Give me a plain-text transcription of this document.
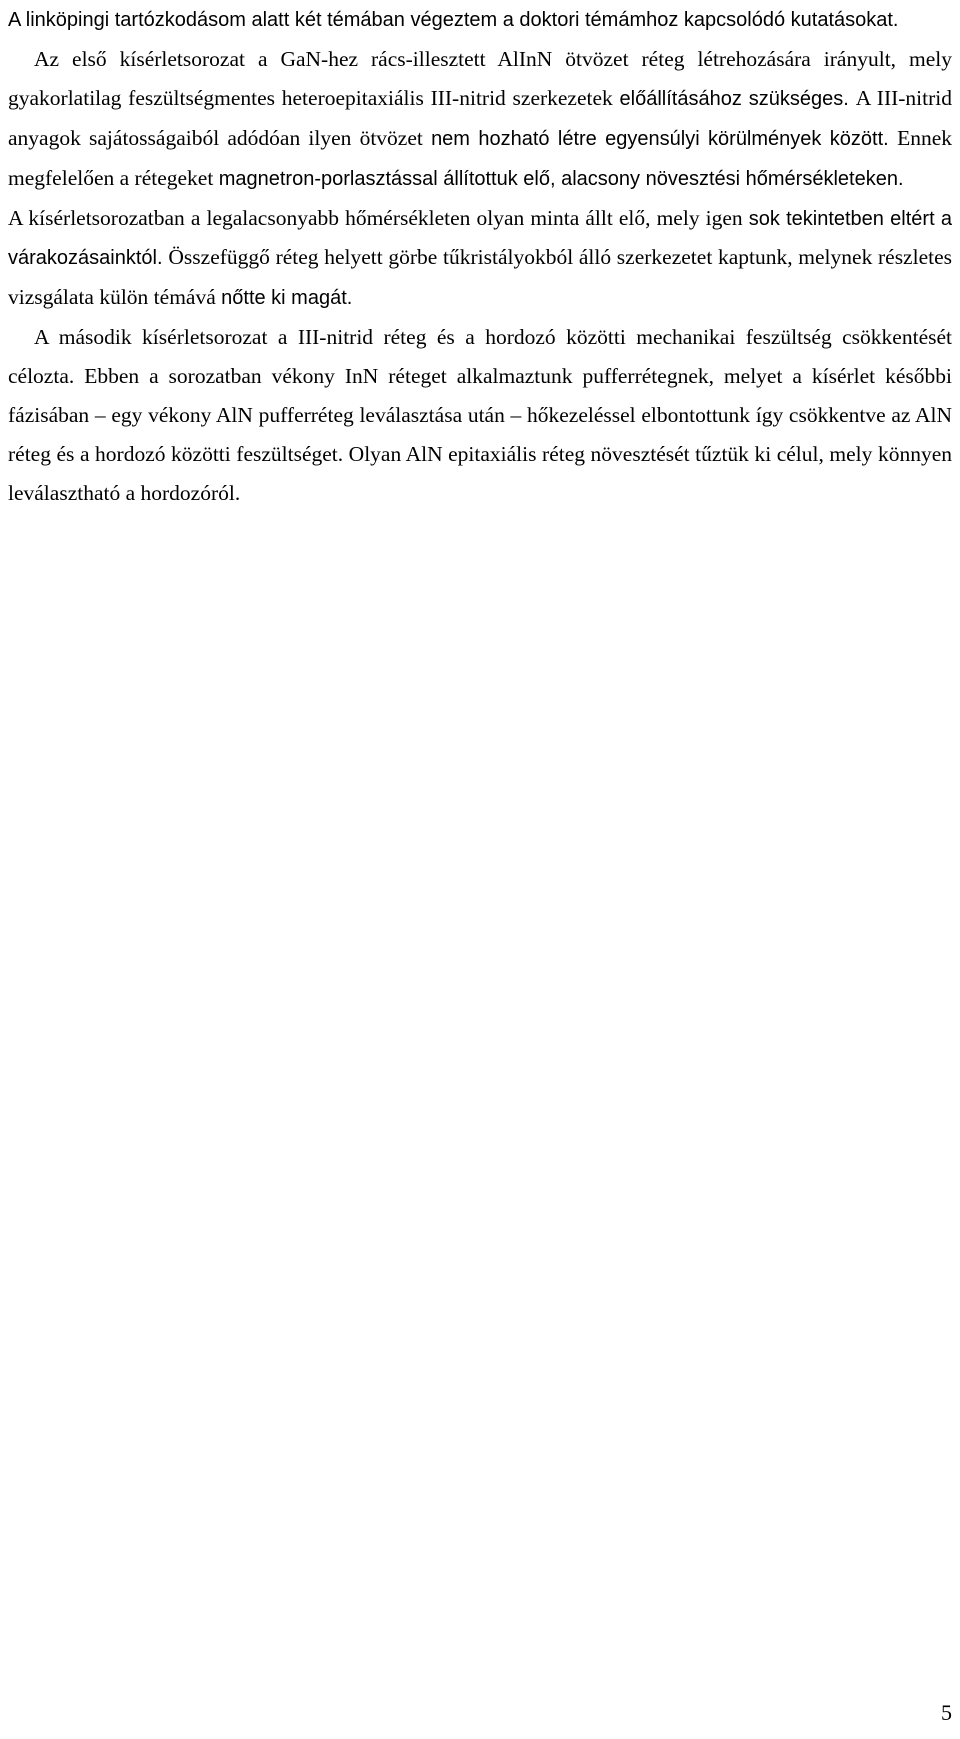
A linköpingi tartózkodásom alatt két témában végeztem a doktori témámhoz kapcsolódó kutatásokat.

Az első kísérletsorozat a GaN-hez rács-illesztett AlInN ötvözet réteg létrehozására irányult, mely gyakorlatilag feszültségmentes heteroepitaxiális III-nitrid szerkezetek előállításához szükséges. A III-nitrid anyagok sajátosságaiból adódóan ilyen ötvözet nem hozható létre egyensúlyi körülmények között. Ennek megfelelően a rétegeket magnetron-porlasztással állítottuk elő, alacsony növesztési hőmérsékleteken.

A kísérletsorozatban a legalacsonyabb hőmérsékleten olyan minta állt elő, mely igen sok tekintetben eltért a várakozásainktól. Összefüggő réteg helyett görbe tűkristályokból álló szerkezetet kaptunk, melynek részletes vizsgálata külön témává nőtte ki magát.

A második kísérletsorozat a III-nitrid réteg és a hordozó közötti mechanikai feszültség csökkentését célozta. Ebben a sorozatban vékony InN réteget alkalmaztunk pufferrétegnek, melyet a kísérlet későbbi fázisában – egy vékony AlN pufferréteg leválasztása után – hőkezeléssel elbontottunk így csökkentve az AlN réteg és a hordozó közötti feszültséget. Olyan AlN epitaxiális réteg növesztését tűztük ki célul, mely könnyen leválasztható a hordozóról.

5
